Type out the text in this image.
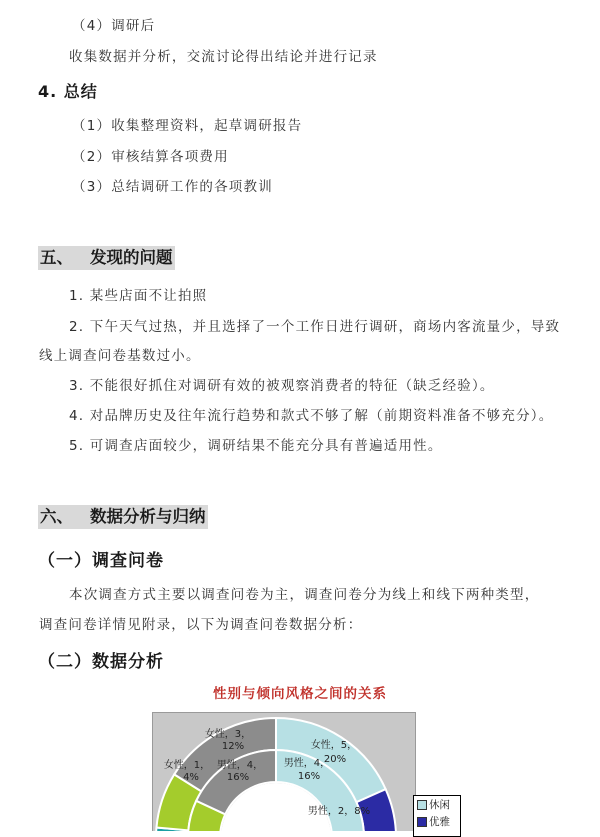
（4）调研后
收集数据并分析，交流讨论得出结论并进行记录
4. 总结
（1）收集整理资料，起草调研报告
（2）审核结算各项费用
（3）总结调研工作的各项教训
五、 发现的问题
1. 某些店面不让拍照
2. 下午天气过热，并且选择了一个工作日进行调研，商场内客流量少，导致
线上调查问卷基数过小。
3. 不能很好抓住对调研有效的被观察消费者的特征（缺乏经验）。
4. 对品牌历史及往年流行趋势和款式不够了解（前期资料准备不够充分）。
5. 可调查店面较少，调研结果不能充分具有普遍适用性。
六、 数据分析与归纳
（一）调查问卷
本次调查方式主要以调查问卷为主，调查问卷分为线上和线下两种类型，
调查问卷详情见附录，以下为调查问卷数据分析：
（二）数据分析
性别与倾向风格之间的关系
女性，3，
12%	女性，5，
20%
女性，1，
4%
男性，4，
16%
男性，4，
16%
男性，2，8%
休闲
优雅
